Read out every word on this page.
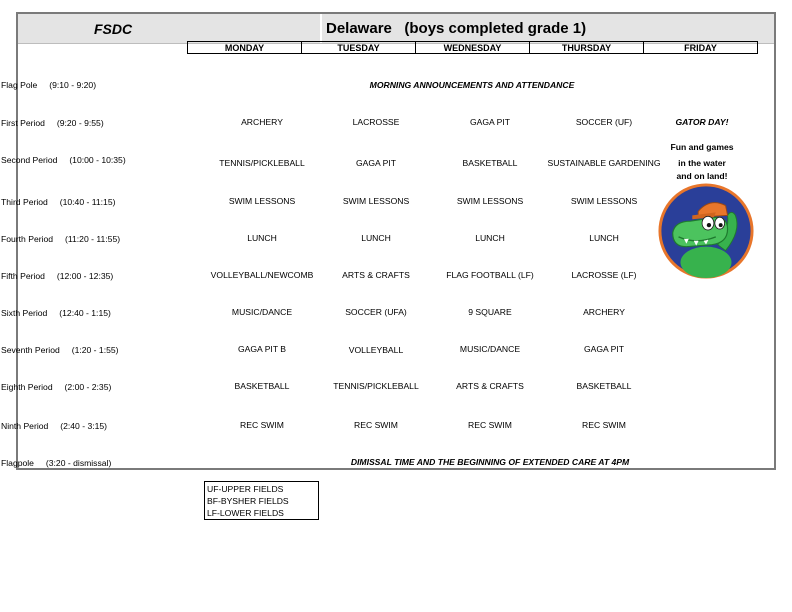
FSDC	Delaware   (boys completed grade 1)
MONDAY	TUESDAY	WEDNESDAY	THURSDAY	FRIDAY
Flag Pole     (9:10 - 9:20)	MORNING ANNOUNCEMENTS AND ATTENDANCE
First Period     (9:20 - 9:55)	ARCHERY	LACROSSE	GAGA PIT	SOCCER (UF)	GATOR DAY!
Second Period     (10:00 - 10:35)	TENNIS/PICKLEBALL	GAGA PIT	BASKETBALL	SUSTAINABLE GARDENING
Fun and games
in the water
and on land!
Third Period     (10:40 - 11:15)	SWIM LESSONS	SWIM LESSONS	SWIM LESSONS	SWIM LESSONS
Fourth Period     (11:20 - 11:55)	LUNCH	LUNCH	LUNCH	LUNCH
Fifth Period     (12:00 - 12:35)	VOLLEYBALL/NEWCOMB	ARTS & CRAFTS	FLAG FOOTBALL (LF)	LACROSSE (LF)
Sixth Period     (12:40 - 1:15)	MUSIC/DANCE	SOCCER (UFA)	9 SQUARE	ARCHERY
Seventh Period     (1:20 - 1:55)	GAGA PIT B	VOLLEYBALL	MUSIC/DANCE	GAGA PIT
Eighth Period     (2:00 - 2:35)	BASKETBALL	TENNIS/PICKLEBALL	ARTS & CRAFTS	BASKETBALL
Ninth Period     (2:40 - 3:15)	REC SWIM	REC SWIM	REC SWIM	REC SWIM
Flagpole     (3:20 - dismissal)	DIMISSAL TIME AND THE BEGINNING OF EXTENDED CARE AT 4PM
UF-UPPER FIELDS
BF-BYSHER FIELDS
LF-LOWER FIELDS
